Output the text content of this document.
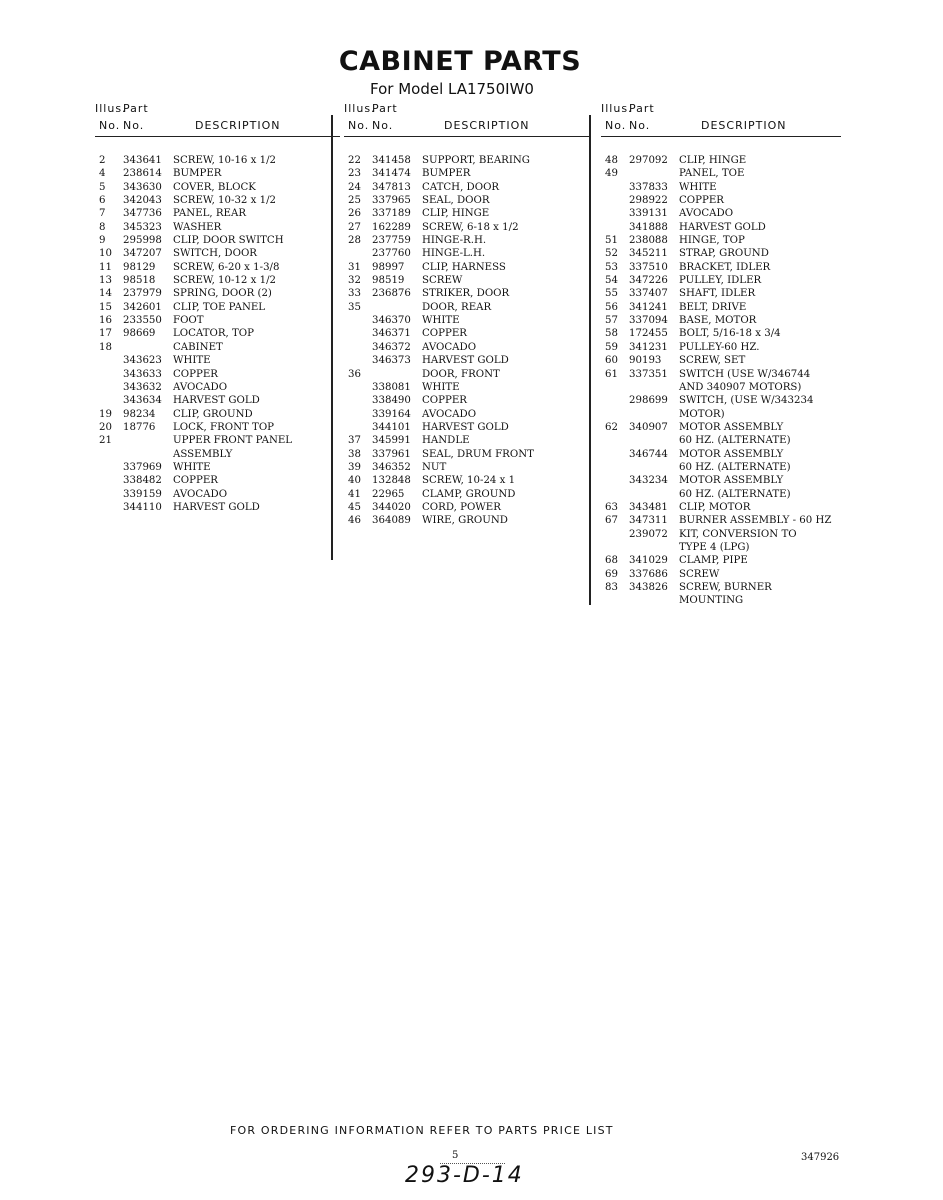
CABINET PARTS
For Model LA1750IW0
Illus.
Part
No. No.	DESCRIPTION
2 343641 SCREW, 10-16 x 1/2
4 238614 BUMPER
5 343630 COVER, BLOCK
6 342043 SCREW, 10-32 x 1/2
7 347736 PANEL, REAR
8 345323 WASHER
9 295998 CLIP, DOOR SWITCH
10 347207 SWITCH, DOOR
11 98129 SCREW, 6-20 x 1-3/8
13 98518 SCREW, 10-12 x 1/2
14 237979 SPRING, DOOR (2)
15 342601 CLIP, TOE PANEL
16 233550 FOOT
17 98669 LOCATOR, TOP
18	CABINET
343623 WHITE
343633 COPPER
343632 AVOCADO
343634 HARVEST GOLD
19 98234 CLIP, GROUND
20 18776 LOCK, FRONT TOP
21	UPPER FRONT PANEL
ASSEMBLY
337969 WHITE
338482 COPPER
339159 AVOCADO
344110 HARVEST GOLD
Illus.
Part
No. No.	DESCRIPTION
22 341458 SUPPORT, BEARING
23 341474 BUMPER
24 347813 CATCH, DOOR
25 337965 SEAL, DOOR
26 337189 CLIP, HINGE
27 162289 SCREW, 6-18 x 1/2
28 237759 HINGE-R.H.
237760 HINGE-L.H.
31 98997 CLIP, HARNESS
32 98519 SCREW
33 236876 STRIKER, DOOR
35	DOOR, REAR
346370 WHITE
346371 COPPER
346372 AVOCADO
346373 HARVEST GOLD
36	DOOR, FRONT
338081 WHITE
338490 COPPER
339164 AVOCADO
344101 HARVEST GOLD
37 345991 HANDLE
38 337961 SEAL, DRUM FRONT
39 346352 NUT
40 132848 SCREW, 10-24 x 1
41 22965 CLAMP, GROUND
45 344020 CORD, POWER
46 364089 WIRE, GROUND
Illus.
Part
No. No.	DESCRIPTION
48 297092 CLIP, HINGE
49	PANEL, TOE
337833 WHITE
298922 COPPER
339131 AVOCADO
341888 HARVEST GOLD
51 238088 HINGE, TOP
52 345211 STRAP, GROUND
53 337510 BRACKET, IDLER
54 347226 PULLEY, IDLER
55 337407 SHAFT, IDLER
56 341241 BELT, DRIVE
57 337094 BASE, MOTOR
58 172455 BOLT, 5/16-18 x 3/4
59 341231 PULLEY-60 HZ.
60 90193 SCREW, SET
61 337351 SWITCH (USE W/346744
AND 340907 MOTORS)
298699 SWITCH, (USE W/343234
MOTOR)
62 340907 MOTOR ASSEMBLY
60 HZ. (ALTERNATE)
346744 MOTOR ASSEMBLY
60 HZ. (ALTERNATE)
343234 MOTOR ASSEMBLY
60 HZ. (ALTERNATE)
63 343481 CLIP, MOTOR
67 347311 BURNER ASSEMBLY - 60 HZ
239072 KIT, CONVERSION TO
TYPE 4 (LPG)
68 341029 CLAMP, PIPE
69 337686 SCREW
83 343826 SCREW, BURNER
MOUNTING
FOR ORDERING INFORMATION REFER TO PARTS PRICE LIST
5	347926
293-D-14
